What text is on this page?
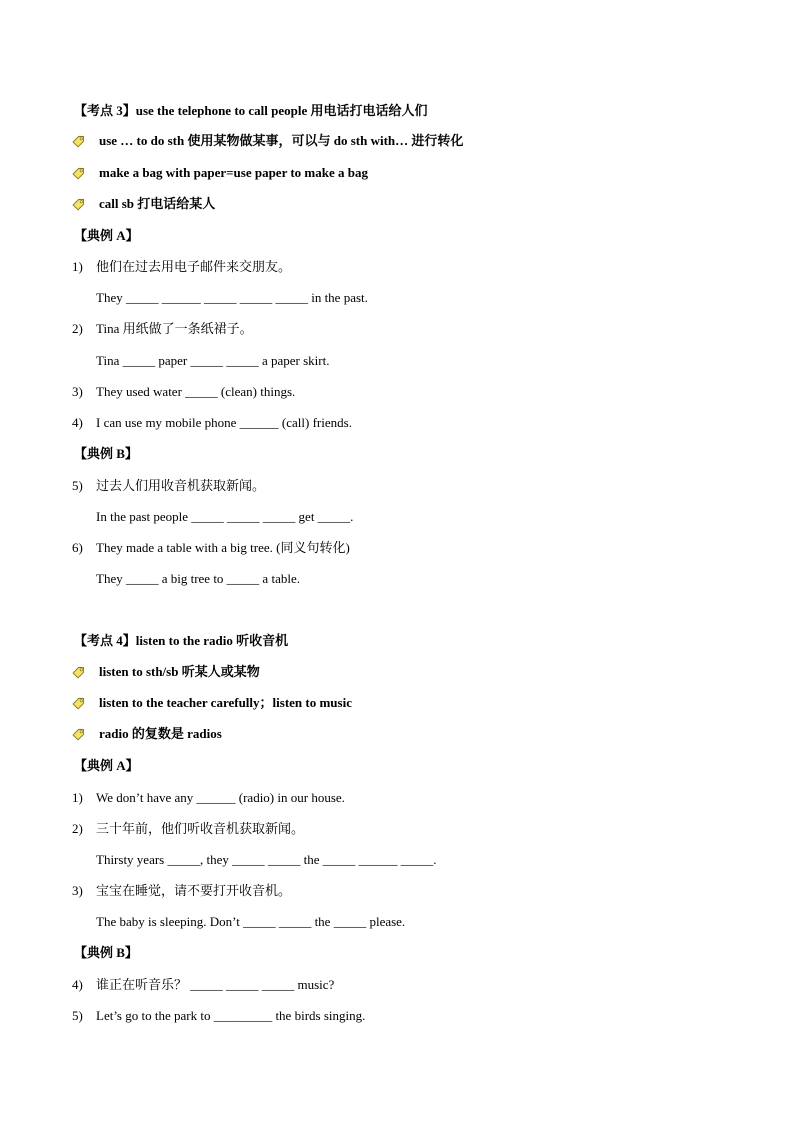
【考点 3】use the telephone to call people 用电话打电话给人们
use … to do sth 使用某物做某事，可以与 do sth with… 进行转化
make a bag with paper=use paper to make a bag
call sb 打电话给某人
【典例 A】
1)	他们在过去用电子邮件来交朋友。
They _____ ______ _____ _____ _____ in the past.
2)	Tina 用纸做了一条纸裙子。
Tina _____ paper _____ _____ a paper skirt.
3)	They used water _____ (clean) things.
4)	I can use my mobile phone ______ (call) friends.
【典例 B】
5)	过去人们用收音机获取新闻。
In the past people _____ _____ _____ get _____.
6)	They made a table with a big tree. (同义句转化)
They _____ a big tree to _____ a table.
【考点 4】listen to the radio 听收音机
listen to sth/sb 听某人或某物
listen to the teacher carefully；listen to music
radio 的复数是 radios
【典例 A】
1)	We don’t have any ______ (radio) in our house.
2)	三十年前，他们听收音机获取新闻。
Thirsty years _____, they _____ _____ the _____ ______ _____.
3)	宝宝在睡觉，请不要打开收音机。
The baby is sleeping. Don’t _____ _____ the _____ please.
【典例 B】
4)	谁正在听音乐？ _____ _____ _____ music?
5)	Let’s go to the park to _________ the birds singing.
